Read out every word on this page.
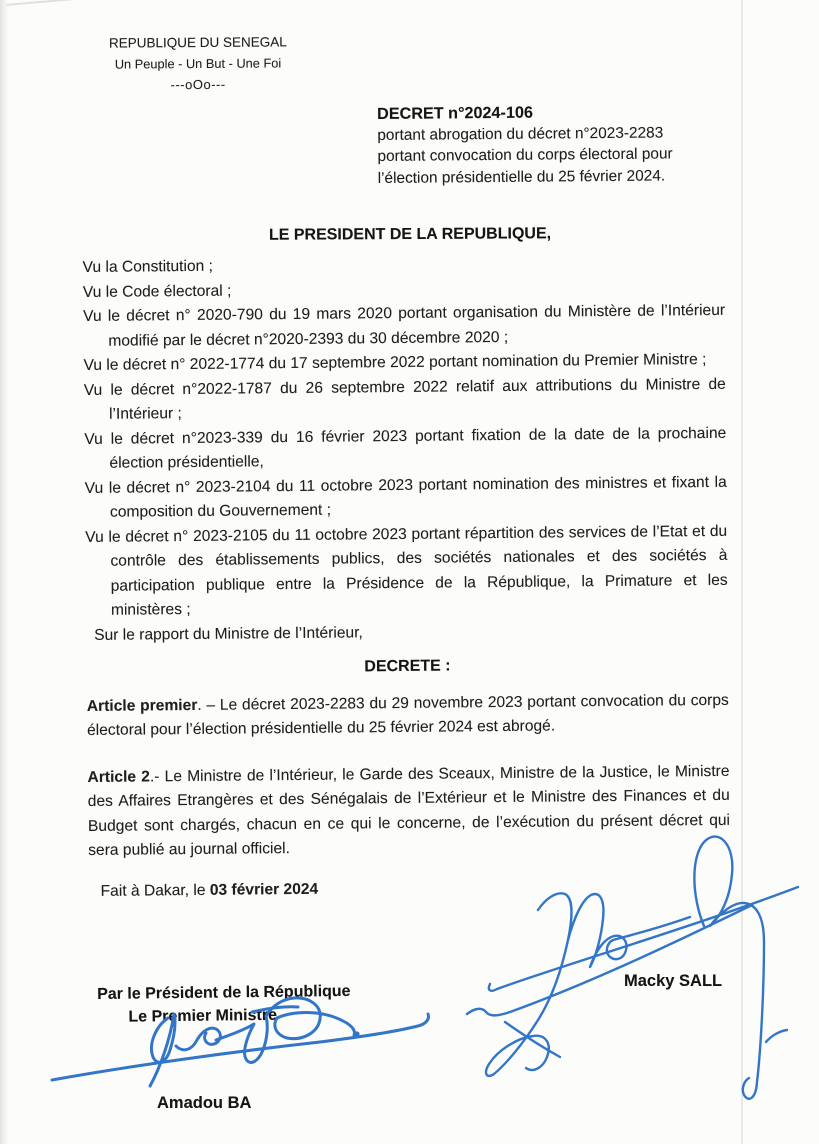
REPUBLIQUE DU SENEGAL
Un Peuple - Un But - Une Foi
---oOo---
DECRET n°2024-106
portant abrogation du décret n°2023-2283
portant convocation du corps électoral pour
l’élection présidentielle du 25 février 2024.
LE PRESIDENT DE LA REPUBLIQUE,

Vu la Constitution ;

Vu le Code électoral ;

Vu le décret n° 2020-790 du 19 mars 2020 portant organisation du Ministère de l’Intérieur modifié par le décret n°2020-2393 du 30 décembre 2020 ;

Vu le décret n° 2022-1774 du 17 septembre 2022 portant nomination du Premier Ministre ;

Vu le décret n°2022-1787 du 26 septembre 2022 relatif aux attributions du Ministre de l’Intérieur ;

Vu le décret n°2023-339 du 16 février 2023 portant fixation de la date de la prochaine élection présidentielle,

Vu le décret n° 2023-2104 du 11 octobre 2023 portant nomination des ministres et fixant la composition du Gouvernement ;

Vu le décret n° 2023-2105 du 11 octobre 2023 portant répartition des services de l’Etat et du contrôle des établissements publics, des sociétés nationales et des sociétés à participation publique entre la Présidence de la République, la Primature et les ministères ;

Sur le rapport du Ministre de l’Intérieur,

DECRETE :

Article premier. – Le décret 2023-2283 du 29 novembre 2023 portant convocation du corps électoral pour l’élection présidentielle du 25 février 2024 est abrogé.

Article 2.- Le Ministre de l’Intérieur, le Garde des Sceaux, Ministre de la Justice, le Ministre des Affaires Etrangères et des Sénégalais de l’Extérieur et le Ministre des Finances et du Budget sont chargés, chacun en ce qui le concerne, de l’exécution du présent décret qui sera publié au journal officiel.

Fait à Dakar, le 03 février 2024

Par le Président de la République
Le Premier Ministre
Amadou BA
Macky SALL
